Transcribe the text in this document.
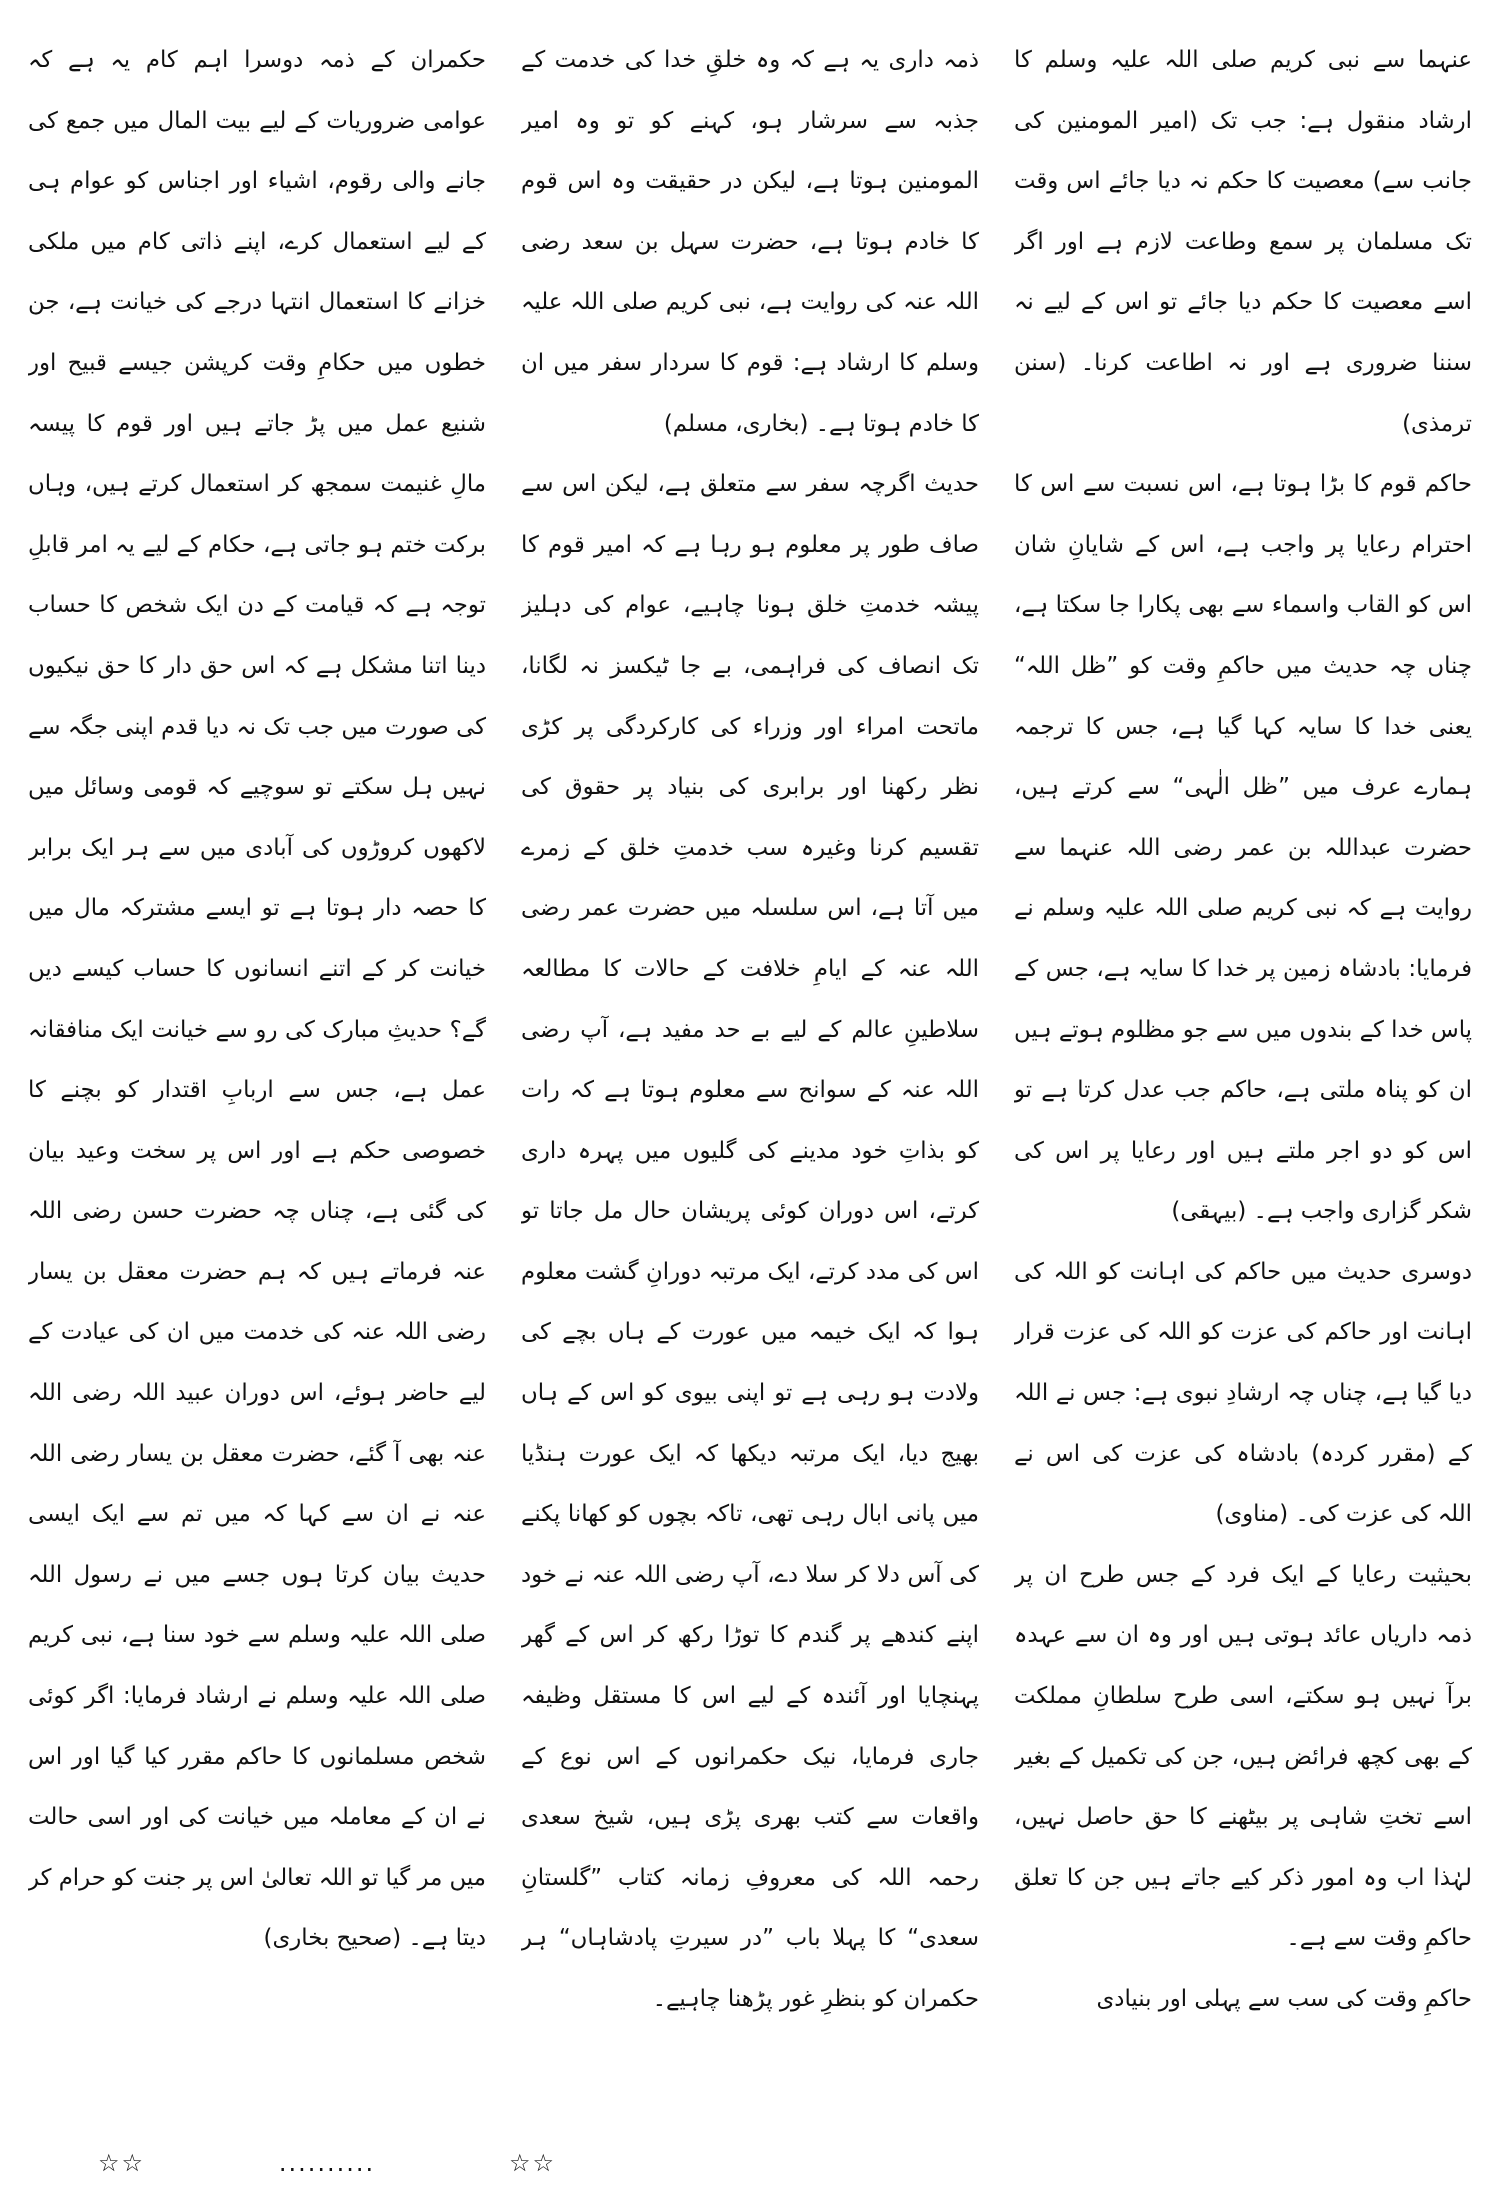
عنہما سے نبی کریم صلی اللہ علیہ وسلم کا ارشاد منقول ہے: جب تک (امیر المومنین کی جانب سے) معصیت کا حکم نہ دیا جائے اس وقت تک مسلمان پر سمع وطاعت لازم ہے اور اگر اسے معصیت کا حکم دیا جائے تو اس کے لیے نہ سننا ضروری ہے اور نہ اطاعت کرنا۔ (سنن ترمذی)

حاکم قوم کا بڑا ہوتا ہے، اس نسبت سے اس کا احترام رعایا پر واجب ہے، اس کے شایانِ شان اس کو القاب واسماء سے بھی پکارا جا سکتا ہے، چناں چہ حدیث میں حاکمِ وقت کو ”ظل اللہ“ یعنی خدا کا سایہ کہا گیا ہے، جس کا ترجمہ ہمارے عرف میں ”ظل الٰہی“ سے کرتے ہیں، حضرت عبداللہ بن عمر رضی اللہ عنہما سے روایت ہے کہ نبی کریم صلی اللہ علیہ وسلم نے فرمایا: بادشاہ زمین پر خدا کا سایہ ہے، جس کے پاس خدا کے بندوں میں سے جو مظلوم ہوتے ہیں ان کو پناہ ملتی ہے، حاکم جب عدل کرتا ہے تو اس کو دو اجر ملتے ہیں اور رعایا پر اس کی شکر گزاری واجب ہے۔ (بیہقی)

دوسری حدیث میں حاکم کی اہانت کو اللہ کی اہانت اور حاکم کی عزت کو اللہ کی عزت قرار دیا گیا ہے، چناں چہ ارشادِ نبوی ہے: جس نے اللہ کے (مقرر کردہ) بادشاہ کی عزت کی اس نے اللہ کی عزت کی۔ (مناوی)

بحیثیت رعایا کے ایک فرد کے جس طرح ان پر ذمہ داریاں عائد ہوتی ہیں اور وہ ان سے عہدہ برآ نہیں ہو سکتے، اسی طرح سلطانِ مملکت کے بھی کچھ فرائض ہیں، جن کی تکمیل کے بغیر اسے تختِ شاہی پر بیٹھنے کا حق حاصل نہیں، لہٰذا اب وہ امور ذکر کیے جاتے ہیں جن کا تعلق حاکمِ وقت سے ہے۔

حاکمِ وقت کی سب سے پہلی اور بنیادی

ذمہ داری یہ ہے کہ وہ خلقِ خدا کی خدمت کے جذبہ سے سرشار ہو، کہنے کو تو وہ امیر المومنین ہوتا ہے، لیکن در حقیقت وہ اس قوم کا خادم ہوتا ہے، حضرت سہل بن سعد رضی اللہ عنہ کی روایت ہے، نبی کریم صلی اللہ علیہ وسلم کا ارشاد ہے: قوم کا سردار سفر میں ان کا خادم ہوتا ہے۔ (بخاری، مسلم)

حدیث اگرچہ سفر سے متعلق ہے، لیکن اس سے صاف طور پر معلوم ہو رہا ہے کہ امیر قوم کا پیشہ خدمتِ خلق ہونا چاہیے، عوام کی دہلیز تک انصاف کی فراہمی، بے جا ٹیکسز نہ لگانا، ماتحت امراء اور وزراء کی کارکردگی پر کڑی نظر رکھنا اور برابری کی بنیاد پر حقوق کی تقسیم کرنا وغیرہ سب خدمتِ خلق کے زمرے میں آتا ہے، اس سلسلہ میں حضرت عمر رضی اللہ عنہ کے ایامِ خلافت کے حالات کا مطالعہ سلاطینِ عالم کے لیے بے حد مفید ہے، آپ رضی اللہ عنہ کے سوانح سے معلوم ہوتا ہے کہ رات کو بذاتِ خود مدینے کی گلیوں میں پہرہ داری کرتے، اس دوران کوئی پریشان حال مل جاتا تو اس کی مدد کرتے، ایک مرتبہ دورانِ گشت معلوم ہوا کہ ایک خیمہ میں عورت کے ہاں بچے کی ولادت ہو رہی ہے تو اپنی بیوی کو اس کے ہاں بھیج دیا، ایک مرتبہ دیکھا کہ ایک عورت ہنڈیا میں پانی ابال رہی تھی، تاکہ بچوں کو کھانا پکنے کی آس دلا کر سلا دے، آپ رضی اللہ عنہ نے خود اپنے کندھے پر گندم کا توڑا رکھ کر اس کے گھر پہنچایا اور آئندہ کے لیے اس کا مستقل وظیفہ جاری فرمایا، نیک حکمرانوں کے اس نوع کے واقعات سے کتب بھری پڑی ہیں، شیخ سعدی رحمہ اللہ کی معروفِ زمانہ کتاب ”گلستانِ سعدی“ کا پہلا باب ”در سیرتِ پادشاہاں“ ہر حکمران کو بنظرِ غور پڑھنا چاہیے۔

حکمران کے ذمہ دوسرا اہم کام یہ ہے کہ عوامی ضروریات کے لیے بیت المال میں جمع کی جانے والی رقوم، اشیاء اور اجناس کو عوام ہی کے لیے استعمال کرے، اپنے ذاتی کام میں ملکی خزانے کا استعمال انتہا درجے کی خیانت ہے، جن خطوں میں حکامِ وقت کرپشن جیسے قبیح اور شنیع عمل میں پڑ جاتے ہیں اور قوم کا پیسہ مالِ غنیمت سمجھ کر استعمال کرتے ہیں، وہاں برکت ختم ہو جاتی ہے، حکام کے لیے یہ امر قابلِ توجہ ہے کہ قیامت کے دن ایک شخص کا حساب دینا اتنا مشکل ہے کہ اس حق دار کا حق نیکیوں کی صورت میں جب تک نہ دیا قدم اپنی جگہ سے نہیں ہل سکتے تو سوچیے کہ قومی وسائل میں لاکھوں کروڑوں کی آبادی میں سے ہر ایک برابر کا حصہ دار ہوتا ہے تو ایسے مشترکہ مال میں خیانت کر کے اتنے انسانوں کا حساب کیسے دیں گے؟ حدیثِ مبارک کی رو سے خیانت ایک منافقانہ عمل ہے، جس سے اربابِ اقتدار کو بچنے کا خصوصی حکم ہے اور اس پر سخت وعید بیان کی گئی ہے، چناں چہ حضرت حسن رضی اللہ عنہ فرماتے ہیں کہ ہم حضرت معقل بن یسار رضی اللہ عنہ کی خدمت میں ان کی عیادت کے لیے حاضر ہوئے، اس دوران عبید اللہ رضی اللہ عنہ بھی آ گئے، حضرت معقل بن یسار رضی اللہ عنہ نے ان سے کہا کہ میں تم سے ایک ایسی حدیث بیان کرتا ہوں جسے میں نے رسول اللہ صلی اللہ علیہ وسلم سے خود سنا ہے، نبی کریم صلی اللہ علیہ وسلم نے ارشاد فرمایا: اگر کوئی شخص مسلمانوں کا حاکم مقرر کیا گیا اور اس نے ان کے معاملہ میں خیانت کی اور اسی حالت میں مر گیا تو اللہ تعالیٰ اس پر جنت کو حرام کر دیتا ہے۔ (صحیح بخاری)

☆☆
..........
☆☆
